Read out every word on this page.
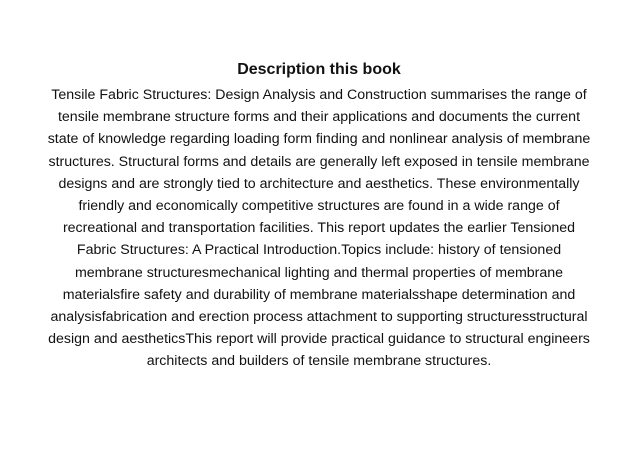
Description this book
Tensile Fabric Structures: Design Analysis and Construction summarises the range of
tensile membrane structure forms and their applications and documents the current
state of knowledge regarding loading form finding and nonlinear analysis of membrane
structures. Structural forms and details are generally left exposed in tensile membrane
designs and are strongly tied to architecture and aesthetics. These environmentally
friendly and economically competitive structures are found in a wide range of
recreational and transportation facilities. This report updates the earlier Tensioned
Fabric Structures: A Practical Introduction.Topics include: history of tensioned
membrane structuresmechanical lighting and thermal properties of membrane
materialsfire safety and durability of membrane materialsshape determination and
analysisfabrication and erection process attachment to supporting structuresstructural
design and aestheticsThis report will provide practical guidance to structural engineers
architects and builders of tensile membrane structures.
